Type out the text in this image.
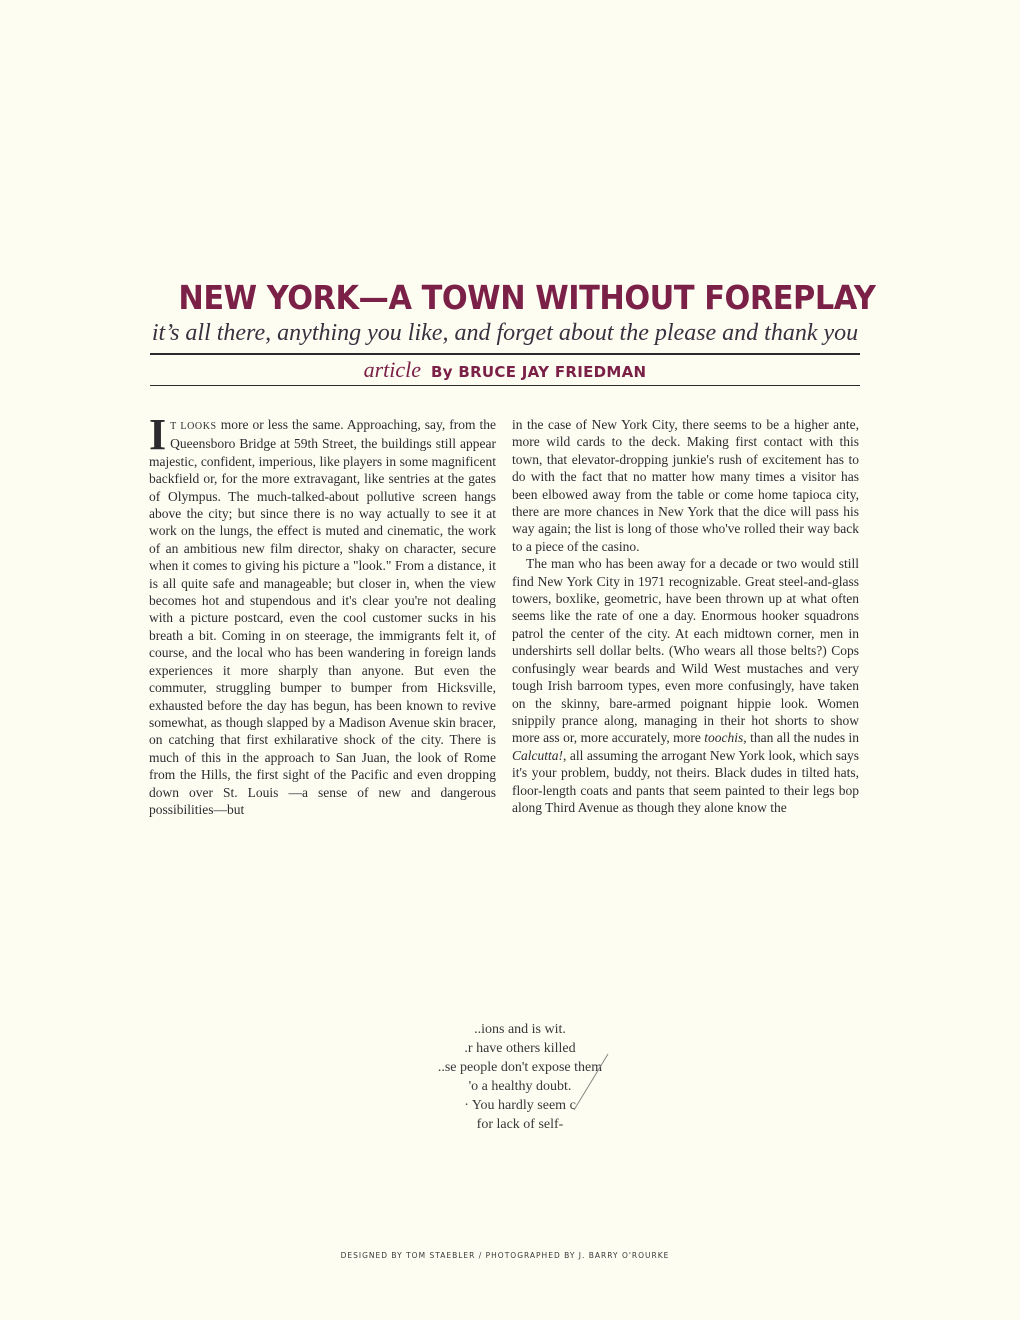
NEW YORK—A TOWN WITHOUT FOREPLAY
it’s all there, anything you like, and forget about the please and thank you
article By BRUCE JAY FRIEDMAN

IT LOOKS more or less the same. Approaching, say, from the Queensboro Bridge at 59th Street, the buildings still appear majestic, confident, imperious, like players in some magnificent backfield or, for the more extravagant, like sentries at the gates of Olympus. The much-talked-about pollutive screen hangs above the city; but since there is no way actually to see it at work on the lungs, the effect is muted and cinematic, the work of an ambitious new film director, shaky on character, secure when it comes to giving his picture a "look." From a distance, it is all quite safe and manageable; but closer in, when the view becomes hot and stupendous and it's clear you're not dealing with a picture postcard, even the cool customer sucks in his breath a bit. Coming in on steerage, the immigrants felt it, of course, and the local who has been wandering in foreign lands experiences it more sharply than anyone. But even the commuter, struggling bumper to bumper from Hicksville, exhausted before the day has begun, has been known to revive somewhat, as though slapped by a Madison Avenue skin bracer, on catching that first exhilarative shock of the city. There is much of this in the approach to San Juan, the look of Rome from the Hills, the first sight of the Pacific and even dropping down over St. Louis —a sense of new and dangerous possibilities—but

in the case of New York City, there seems to be a higher ante, more wild cards to the deck. Making first contact with this town, that elevator-dropping junkie's rush of excitement has to do with the fact that no matter how many times a visitor has been elbowed away from the table or come home tapioca city, there are more chances in New York that the dice will pass his way again; the list is long of those who've rolled their way back to a piece of the casino.

The man who has been away for a decade or two would still find New York City in 1971 recognizable. Great steel-and-glass towers, boxlike, geometric, have been thrown up at what often seems like the rate of one a day. Enormous hooker squadrons patrol the center of the city. At each midtown corner, men in undershirts sell dollar belts. (Who wears all those belts?) Cops confusingly wear beards and Wild West mustaches and very tough Irish barroom types, even more confusingly, have taken on the skinny, bare-armed poignant hippie look. Women snippily prance along, managing in their hot shorts to show more ass or, more accurately, more toochis, than all the nudes in Calcutta!, all assuming the arrogant New York look, which says it's your problem, buddy, not theirs. Black dudes in tilted hats, floor-length coats and pants that seem painted to their legs bop along Third Avenue as though they alone know the

..ions and is wit.
.r have others killed
..se people don't expose them
'o a healthy doubt.
· You hardly seem c
for lack of self-
DESIGNED BY TOM STAEBLER / PHOTOGRAPHED BY J. BARRY O'ROURKE
